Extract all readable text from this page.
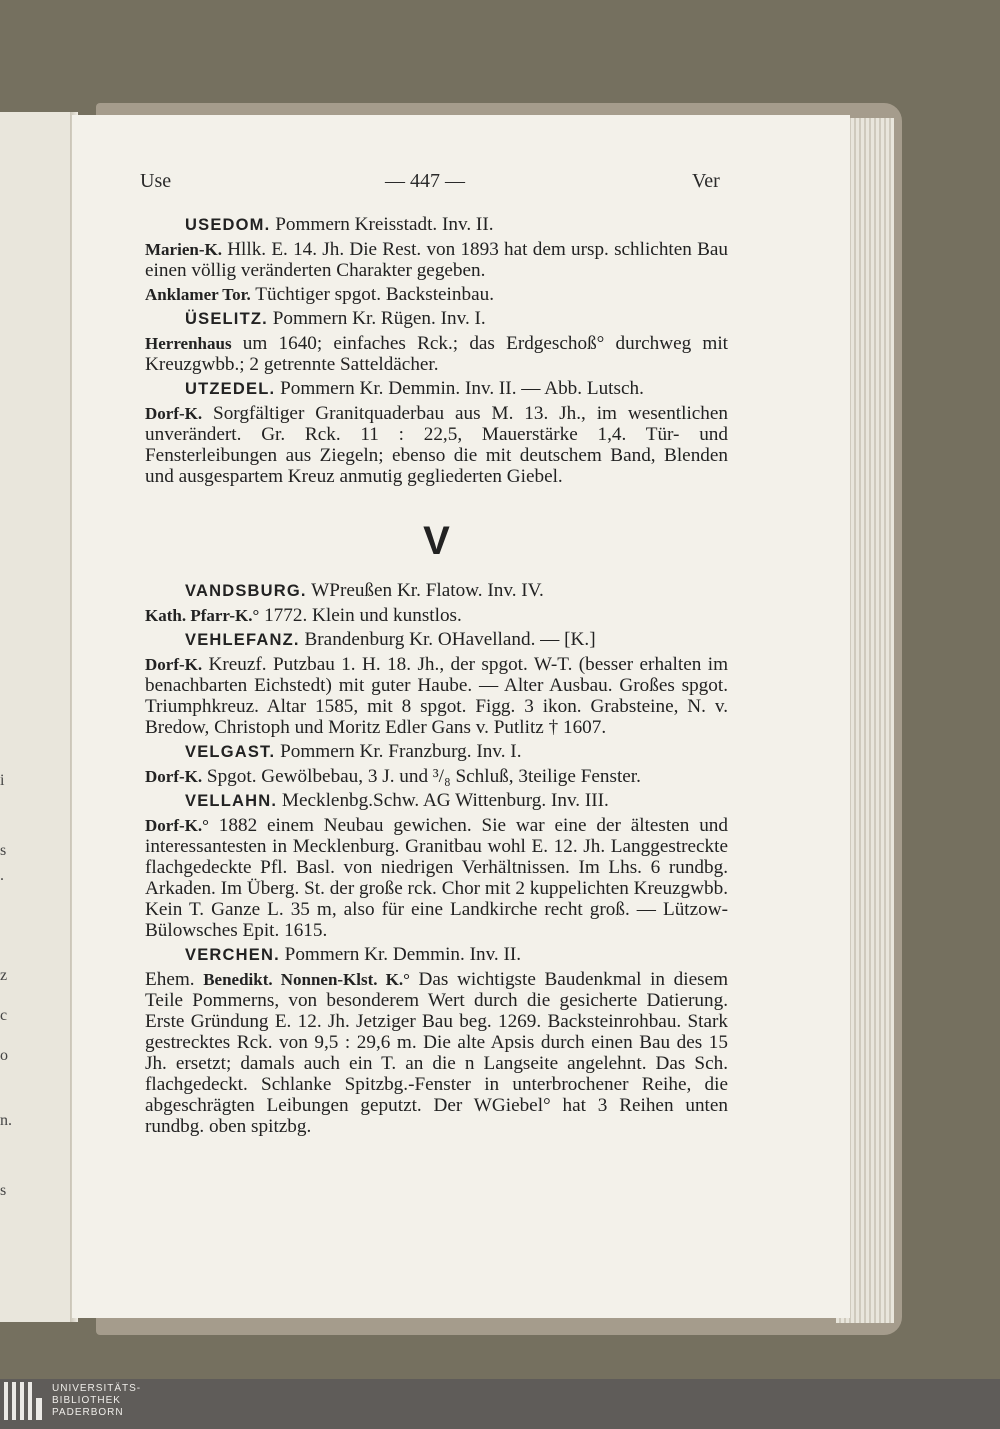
i
s
.
z
c
o
n.
s
Use	— 447 —	Ver

USEDOM. Pommern Kreisstadt. Inv. II.

Marien-K. Hllk. E. 14. Jh. Die Rest. von 1893 hat dem ursp. schlichten Bau einen völlig veränderten Charakter gegeben.

Anklamer Tor. Tüchtiger spgot. Backsteinbau.

ÜSELITZ. Pommern Kr. Rügen. Inv. I.

Herrenhaus um 1640; einfaches Rck.; das Erdgeschoß° durchweg mit Kreuzgwbb.; 2 getrennte Satteldächer.

UTZEDEL. Pommern Kr. Demmin. Inv. II. — Abb. Lutsch.

Dorf-K. Sorgfältiger Granitquaderbau aus M. 13. Jh., im wesentlichen unverändert. Gr. Rck. 11 : 22,5, Mauerstärke 1,4. Tür- und Fensterleibungen aus Ziegeln; ebenso die mit deutschem Band, Blenden und ausgespartem Kreuz anmutig gegliederten Giebel.

V

VANDSBURG. WPreußen Kr. Flatow. Inv. IV.

Kath. Pfarr-K.° 1772. Klein und kunstlos.

VEHLEFANZ. Brandenburg Kr. OHavelland. — [K.]

Dorf-K. Kreuzf. Putzbau 1. H. 18. Jh., der spgot. W-T. (besser erhalten im benachbarten Eichstedt) mit guter Haube. — Alter Ausbau. Großes spgot. Triumphkreuz. Altar 1585, mit 8 spgot. Figg. 3 ikon. Grabsteine, N. v. Bredow, Christoph und Moritz Edler Gans v. Putlitz † 1607.

VELGAST. Pommern Kr. Franzburg. Inv. I.

Dorf-K. Spgot. Gewölbebau, 3 J. und ³/₈ Schluß, 3teilige Fenster.

VELLAHN. Mecklenbg.Schw. AG Wittenburg. Inv. III.

Dorf-K.° 1882 einem Neubau gewichen. Sie war eine der ältesten und interessantesten in Mecklenburg. Granitbau wohl E. 12. Jh. Langgestreckte flachgedeckte Pfl. Basl. von niedrigen Verhältnissen. Im Lhs. 6 rundbg. Arkaden. Im Überg. St. der große rck. Chor mit 2 kuppelichten Kreuzgwbb. Kein T. Ganze L. 35 m, also für eine Landkirche recht groß. — Lützow-Bülowsches Epit. 1615.

VERCHEN. Pommern Kr. Demmin. Inv. II.

Ehem. Benedikt. Nonnen-Klst. K.° Das wichtigste Baudenkmal in diesem Teile Pommerns, von besonderem Wert durch die gesicherte Datierung. Erste Gründung E. 12. Jh. Jetziger Bau beg. 1269. Backsteinrohbau. Stark gestrecktes Rck. von 9,5 : 29,6 m. Die alte Apsis durch einen Bau des 15 Jh. ersetzt; damals auch ein T. an die n Langseite angelehnt. Das Sch. flachgedeckt. Schlanke Spitzbg.-Fenster in unterbrochener Reihe, die abgeschrägten Leibungen geputzt. Der WGiebel° hat 3 Reihen unten rundbg. oben spitzbg.

UNIVERSITÄTS-
BIBLIOTHEK
PADERBORN
